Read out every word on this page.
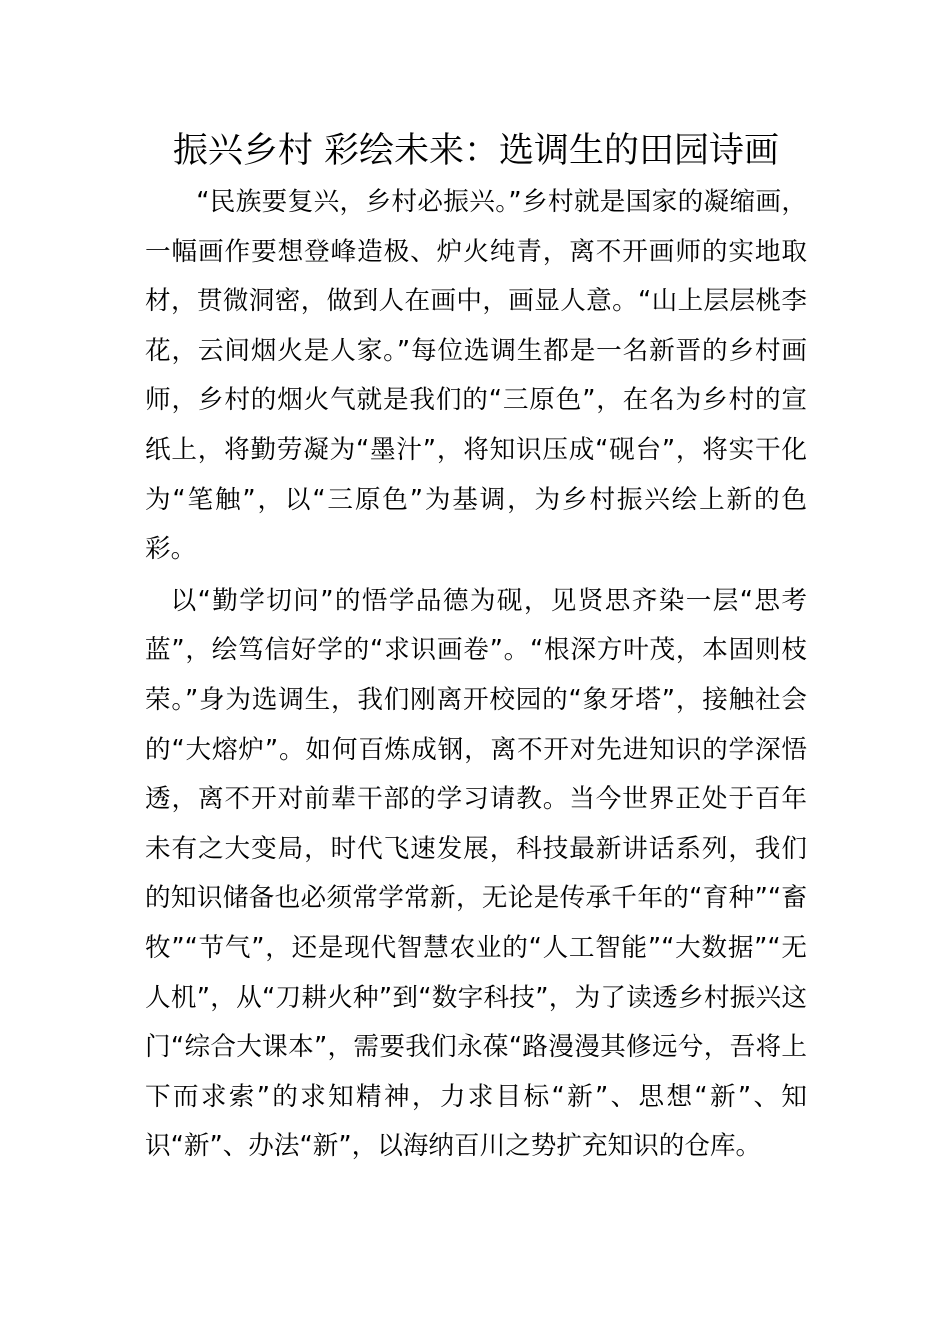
振兴乡村 彩绘未来：选调生的田园诗画

“民族要复兴，乡村必振兴。”乡村就是国家的凝缩画，一幅画作要想登峰造极、炉火纯青，离不开画师的实地取材，贯微洞密，做到人在画中，画显人意。“山上层层桃李花，云间烟火是人家。”每位选调生都是一名新晋的乡村画师，乡村的烟火气就是我们的“三原色”，在名为乡村的宣纸上，将勤劳凝为“墨汁”，将知识压成“砚台”，将实干化为“笔触”，以“三原色”为基调，为乡村振兴绘上新的色彩。

以“勤学切问”的悟学品德为砚，见贤思齐染一层“思考蓝”，绘笃信好学的“求识画卷”。“根深方叶茂，本固则枝荣。”身为选调生，我们刚离开校园的“象牙塔”，接触社会的“大熔炉”。如何百炼成钢，离不开对先进知识的学深悟透，离不开对前辈干部的学习请教。当今世界正处于百年未有之大变局，时代飞速发展，科技最新讲话系列，我们的知识储备也必须常学常新，无论是传承千年的“育种”“畜牧”“节气”，还是现代智慧农业的“人工智能”“大数据”“无人机”，从“刀耕火种”到“数字科技”，为了读透乡村振兴这门“综合大课本”，需要我们永葆“路漫漫其修远兮，吾将上下而求索”的求知精神，力求目标“新”、思想“新”、知识“新”、办法“新”，以海纳百川之势扩充知识的仓库。
